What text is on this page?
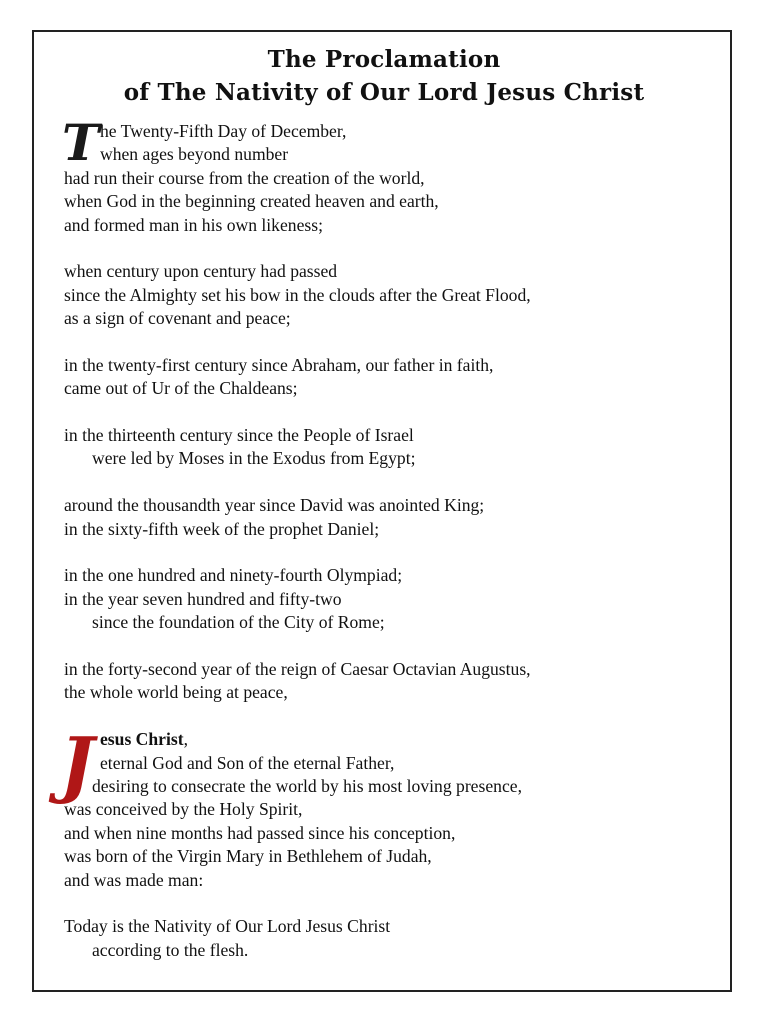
The Proclamation
of The Nativity of Our Lord Jesus Christ
T
J
he Twenty-Fifth Day of December,
when ages beyond number
had run their course from the creation of the world,
when God in the beginning created heaven and earth,
and formed man in his own likeness;
when century upon century had passed
since the Almighty set his bow in the clouds after the Great Flood,
as a sign of covenant and peace;
in the twenty-first century since Abraham, our father in faith,
came out of Ur of the Chaldeans;
in the thirteenth century since the People of Israel
were led by Moses in the Exodus from Egypt;
around the thousandth year since David was anointed King;
in the sixty-fifth week of the prophet Daniel;
in the one hundred and ninety-fourth Olympiad;
in the year seven hundred and fifty-two
since the foundation of the City of Rome;
in the forty-second year of the reign of Caesar Octavian Augustus,
the whole world being at peace,
esus Christ,
eternal God and Son of the eternal Father,
desiring to consecrate the world by his most loving presence,
was conceived by the Holy Spirit,
and when nine months had passed since his conception,
was born of the Virgin Mary in Bethlehem of Judah,
and was made man:
Today is the Nativity of Our Lord Jesus Christ
according to the flesh.
